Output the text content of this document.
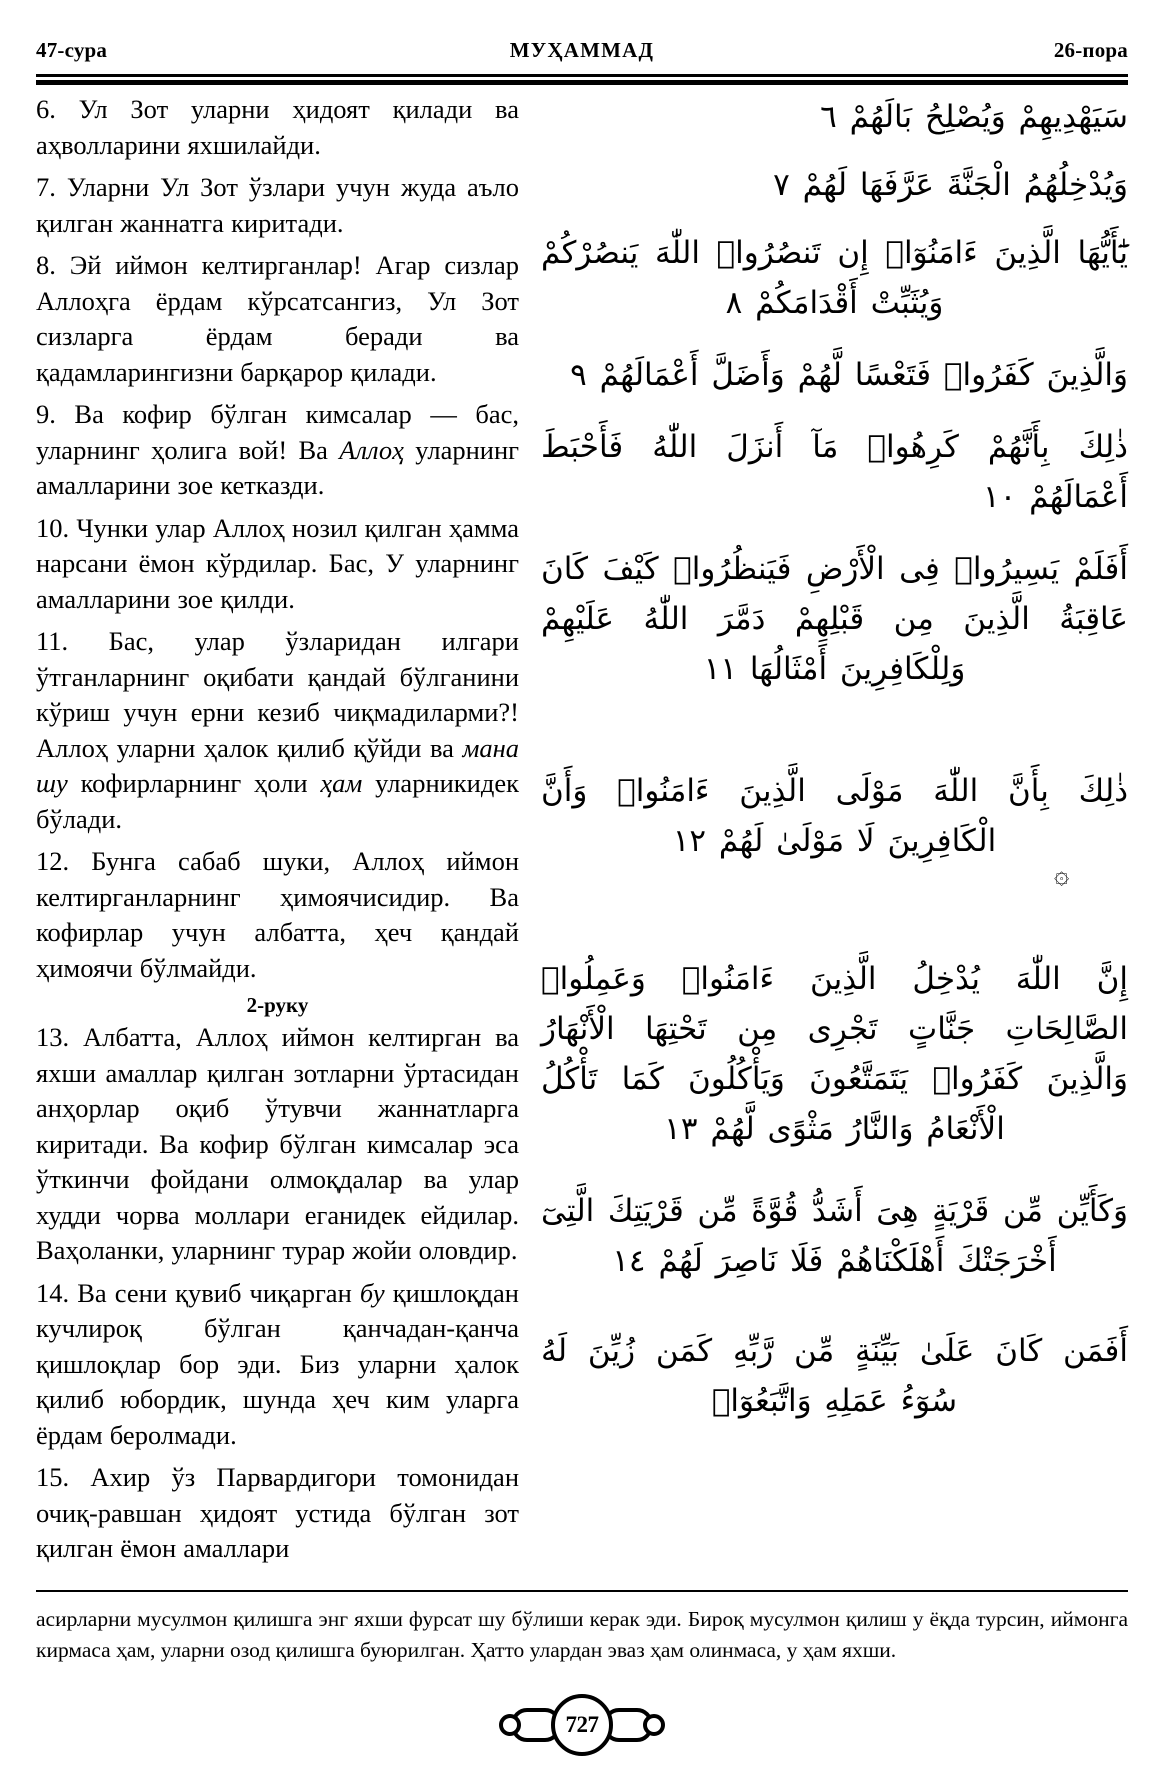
47-сура	МУҲАММАД	26-пора

6. Ул Зот уларни ҳидоят қилади ва аҳволларини яхшилайди.

7. Уларни Ул Зот ўзлари учун жуда аъло қилган жаннатга киритади.

8. Эй иймон келтирганлар! Агар сизлар Аллоҳга ёрдам кўрсатсангиз, Ул Зот сизларга ёрдам беради ва қадамларингизни барқарор қилади.

9. Ва кофир бўлган кимсалар — бас, уларнинг ҳолига вой! Ва Аллоҳ уларнинг амалларини зое кетказди.

10. Чунки улар Аллоҳ нозил қилган ҳамма нарсани ёмон кўрдилар. Бас, У уларнинг амалларини зое қилди.

11. Бас, улар ўзларидан илгари ўтганларнинг оқибати қандай бўлганини кўриш учун ерни кезиб чиқмадиларми?! Аллоҳ уларни ҳалок қилиб қўйди ва мана шу кофирларнинг ҳоли ҳам уларникидек бўлади.

12. Бунга сабаб шуки, Аллоҳ иймон келтирганларнинг ҳимоячисидир. Ва кофирлар учун албатта, ҳеч қандай ҳимоячи бўлмайди.

2-руку

13. Албатта, Аллоҳ иймон келтирган ва яхши амаллар қилган зотларни ўртасидан анҳорлар оқиб ўтувчи жаннатларга киритади. Ва кофир бўлган кимсалар эса ўткинчи фойдани олмоқдалар ва улар худди чорва моллари еганидек ейдилар. Ваҳоланки, уларнинг турар жойи оловдир.

14. Ва сени қувиб чиқарган бу қишлоқдан кучлироқ бўлган қанчадан-қанча қишлоқлар бор эди. Биз уларни ҳалок қилиб юбордик, шунда ҳеч ким уларга ёрдам беролмади.

15. Ахир ўз Парвардигори томонидан очиқ-равшан ҳидоят устида бўлган зот қилган ёмон амаллари

سَيَهْدِيهِمْ وَيُصْلِحُ بَالَهُمْ ٦

وَيُدْخِلُهُمُ الْجَنَّةَ عَرَّفَهَا لَهُمْ ٧

يَٰٓأَيُّهَا الَّذِينَ ءَامَنُوٓا۟ إِن تَنصُرُوا۟ اللّٰهَ يَنصُرْكُمْ وَيُثَبِّتْ أَقْدَامَكُمْ ٨

وَالَّذِينَ كَفَرُوا۟ فَتَعْسًا لَّهُمْ وَأَضَلَّ أَعْمَالَهُمْ ٩

ذٰلِكَ بِأَنَّهُمْ كَرِهُوا۟ مَآ أَنزَلَ اللّٰهُ فَأَحْبَطَ أَعْمَالَهُمْ ١٠

أَفَلَمْ يَسِيرُوا۟ فِى الْأَرْضِ فَيَنظُرُوا۟ كَيْفَ كَانَ عَاقِبَةُ الَّذِينَ مِن قَبْلِهِمْ دَمَّرَ اللّٰهُ عَلَيْهِمْ وَلِلْكَافِرِينَ أَمْثَالُهَا ١١

ذٰلِكَ بِأَنَّ اللّٰهَ مَوْلَى الَّذِينَ ءَامَنُوا۟ وَأَنَّ الْكَافِرِينَ لَا مَوْلَىٰ لَهُمْ ١٢

إِنَّ اللّٰهَ يُدْخِلُ الَّذِينَ ءَامَنُوا۟ وَعَمِلُوا۟ الصَّالِحَاتِ جَنَّاتٍ تَجْرِى مِن تَحْتِهَا الْأَنْهَارُ وَالَّذِينَ كَفَرُوا۟ يَتَمَتَّعُونَ وَيَأْكُلُونَ كَمَا تَأْكُلُ الْأَنْعَامُ وَالنَّارُ مَثْوًى لَّهُمْ ١٣

وَكَأَيِّن مِّن قَرْيَةٍ هِىَ أَشَدُّ قُوَّةً مِّن قَرْيَتِكَ الَّتِىٓ أَخْرَجَتْكَ أَهْلَكْنَاهُمْ فَلَا نَاصِرَ لَهُمْ ١٤

أَفَمَن كَانَ عَلَىٰ بَيِّنَةٍ مِّن رَّبِّهِ كَمَن زُيِّنَ لَهُ سُوٓءُ عَمَلِهِ وَاتَّبَعُوٓا۟

۞
асирларни мусулмон қилишга энг яхши фурсат шу бўлиши керак эди. Бироқ мусулмон қилиш у ёқда турсин, иймонга кирмаса ҳам, уларни озод қилишга буюрилган. Ҳатто улардан эваз ҳам олинмаса, у ҳам яхши.
727
